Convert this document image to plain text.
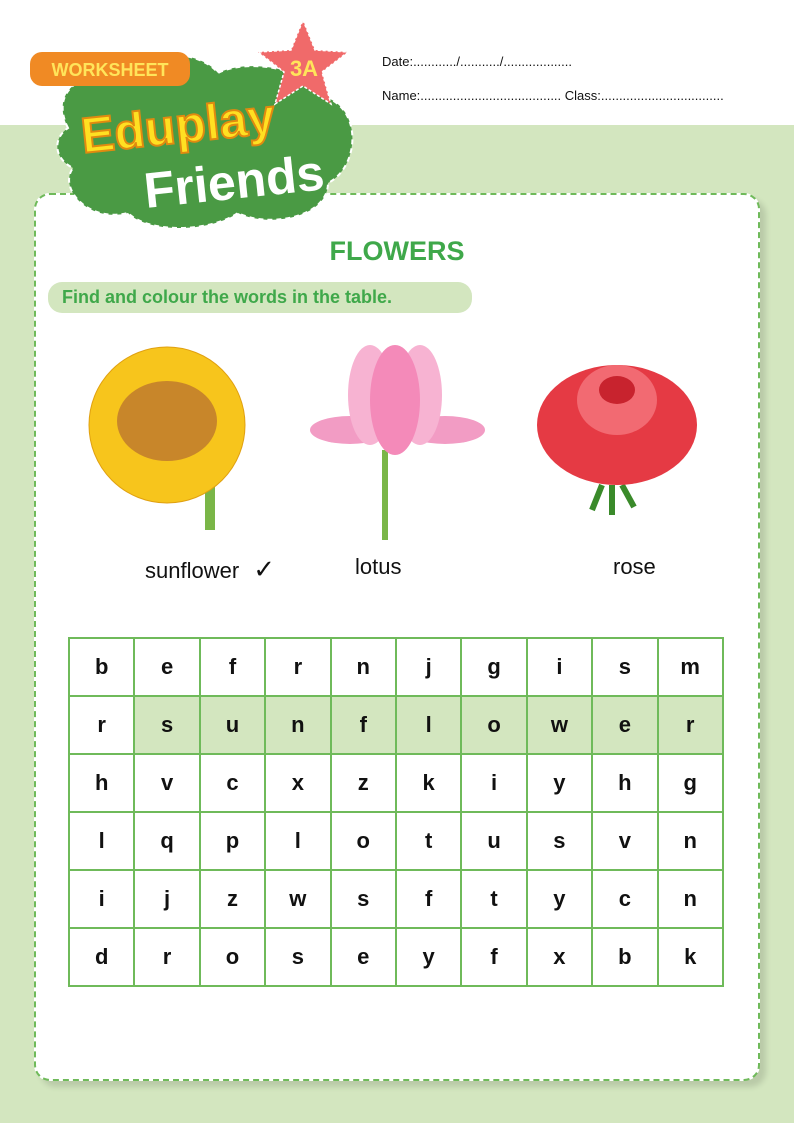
WORKSHEET	3A
Eduplay
Friends
Date:............/.........../...................
Name:....................................... Class:..................................
FLOWERS
Find and colour the words in the table.
sunflower ✓	lotus	rose
b	e	f	r	n	j	g	i	s	m
r	s	u	n	f	l	o	w	e	r
h	v	c	x	z	k	i	y	h	g
l	q	p	l	o	t	u	s	v	n
i	j	z	w	s	f	t	y	c	n
d	r	o	s	e	y	f	x	b	k
